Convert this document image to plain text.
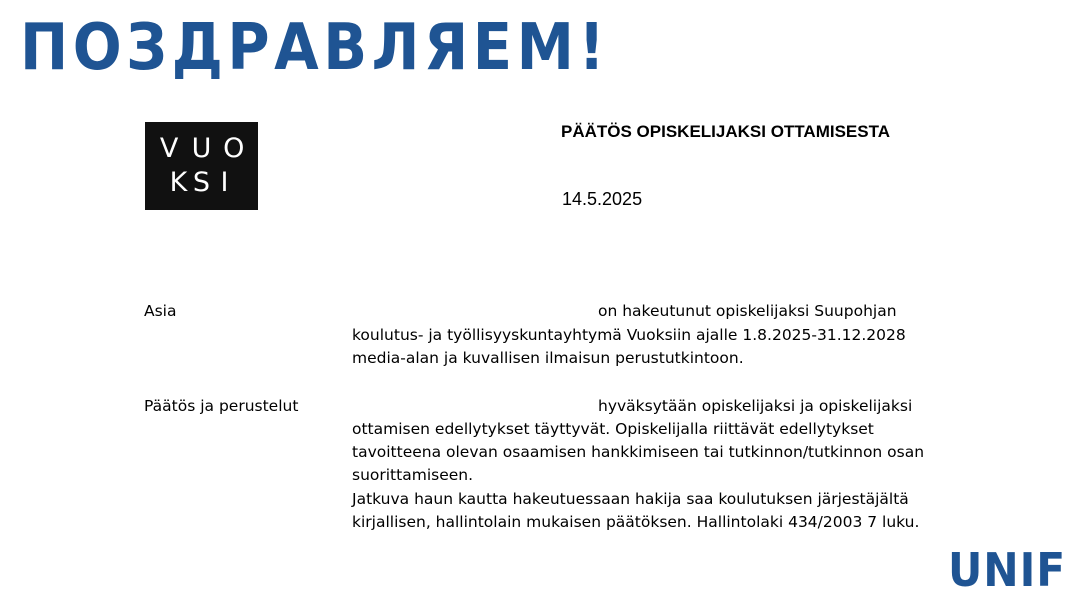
ПОЗДРАВЛЯЕМ!
V U O
K S I
PÄÄTÖS OPISKELIJAKSI OTTAMISESTA
14.5.2025
Asia	on hakeutunut opiskelijaksi Suupohjan
koulutus- ja työllisyyskuntayhtymä Vuoksiin ajalle 1.8.2025-31.12.2028
media-alan ja kuvallisen ilmaisun perustutkintoon.
Päätös ja perustelut	hyväksytään opiskelijaksi ja opiskelijaksi
ottamisen edellytykset täyttyvät. Opiskelijalla riittävät edellytykset
tavoitteena olevan osaamisen hankkimiseen tai tutkinnon/tutkinnon osan
suorittamiseen.
Jatkuva haun kautta hakeutuessaan hakija saa koulutuksen järjestäjältä
kirjallisen, hallintolain mukaisen päätöksen. Hallintolaki 434/2003 7 luku.
U N I F
